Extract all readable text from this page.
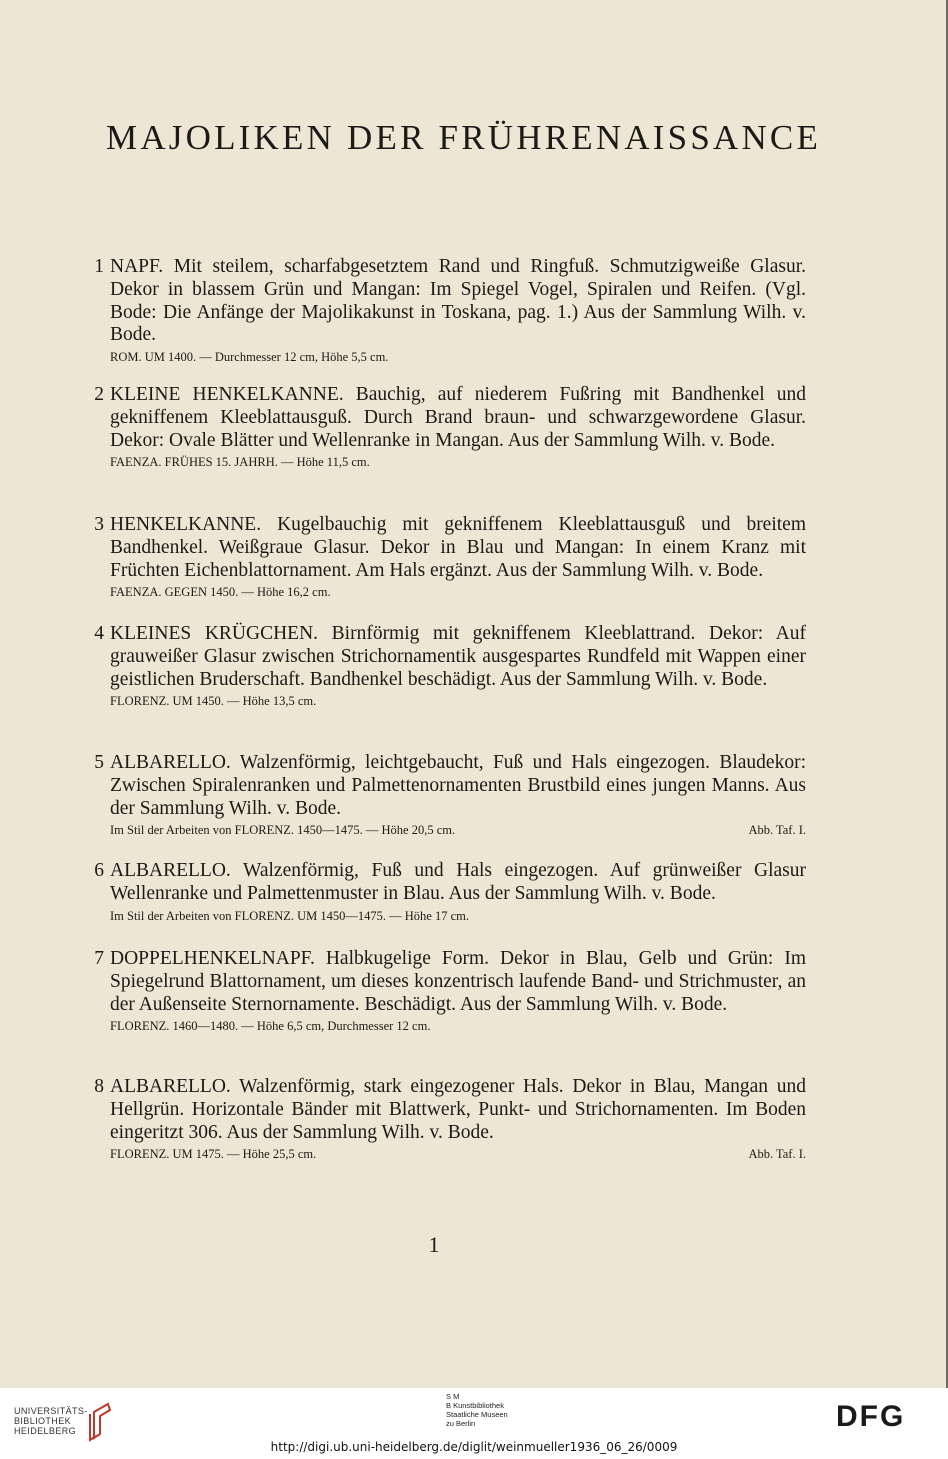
MAJOLIKEN DER FRÜHRENAISSANCE
1 NAPF. Mit steilem, scharfabgesetztem Rand und Ringfuß. Schmutzigweiße Glasur. Dekor in blassem Grün und Mangan: Im Spiegel Vogel, Spiralen und Reifen. (Vgl. Bode: Die Anfänge der Majolikakunst in Toskana, pag. 1.) Aus der Sammlung Wilh. v. Bode.
ROM. UM 1400. — Durchmesser 12 cm, Höhe 5,5 cm.
2 KLEINE HENKELKANNE. Bauchig, auf niederem Fußring mit Bandhenkel und gekniffenem Kleeblattausguß. Durch Brand braun- und schwarzgewordene Glasur. Dekor: Ovale Blätter und Wellenranke in Mangan. Aus der Sammlung Wilh. v. Bode.
FAENZA. FRÜHES 15. JAHRH. — Höhe 11,5 cm.
3 HENKELKANNE. Kugelbauchig mit gekniffenem Kleeblattausguß und breitem Bandhenkel. Weißgraue Glasur. Dekor in Blau und Mangan: In einem Kranz mit Früchten Eichenblattornament. Am Hals ergänzt. Aus der Sammlung Wilh. v. Bode.
FAENZA. GEGEN 1450. — Höhe 16,2 cm.
4 KLEINES KRÜGCHEN. Birnförmig mit gekniffenem Kleeblattrand. Dekor: Auf grauweißer Glasur zwischen Strichornamentik ausgespartes Rundfeld mit Wappen einer geistlichen Bruderschaft. Bandhenkel beschädigt. Aus der Sammlung Wilh. v. Bode.
FLORENZ. UM 1450. — Höhe 13,5 cm.
5 ALBARELLO. Walzenförmig, leichtgebaucht, Fuß und Hals eingezogen. Blaudekor: Zwischen Spiralenranken und Palmettenornamenten Brustbild eines jungen Manns. Aus der Sammlung Wilh. v. Bode.
Im Stil der Arbeiten von FLORENZ. 1450—1475. — Höhe 20,5 cm.	Abb. Taf. I.
6 ALBARELLO. Walzenförmig, Fuß und Hals eingezogen. Auf grünweißer Glasur Wellenranke und Palmettenmuster in Blau. Aus der Sammlung Wilh. v. Bode.
Im Stil der Arbeiten von FLORENZ. UM 1450—1475. — Höhe 17 cm.
7 DOPPELHENKELNAPF. Halbkugelige Form. Dekor in Blau, Gelb und Grün: Im Spiegelrund Blattornament, um dieses konzentrisch laufende Band- und Strichmuster, an der Außenseite Sternornamente. Beschädigt. Aus der Sammlung Wilh. v. Bode.
FLORENZ. 1460—1480. — Höhe 6,5 cm, Durchmesser 12 cm.
8 ALBARELLO. Walzenförmig, stark eingezogener Hals. Dekor in Blau, Mangan und Hellgrün. Horizontale Bänder mit Blattwerk, Punkt- und Strichornamenten. Im Boden eingeritzt 306. Aus der Sammlung Wilh. v. Bode.
FLORENZ. UM 1475. — Höhe 25,5 cm.	Abb. Taf. I.
1
UNIVERSITÄTS-
BIBLIOTHEK
HEIDELBERG
S M
B Kunstbibliothek
Staatliche Museen
zu Berlin	DFG
http://digi.ub.uni-heidelberg.de/diglit/weinmueller1936_06_26/0009
